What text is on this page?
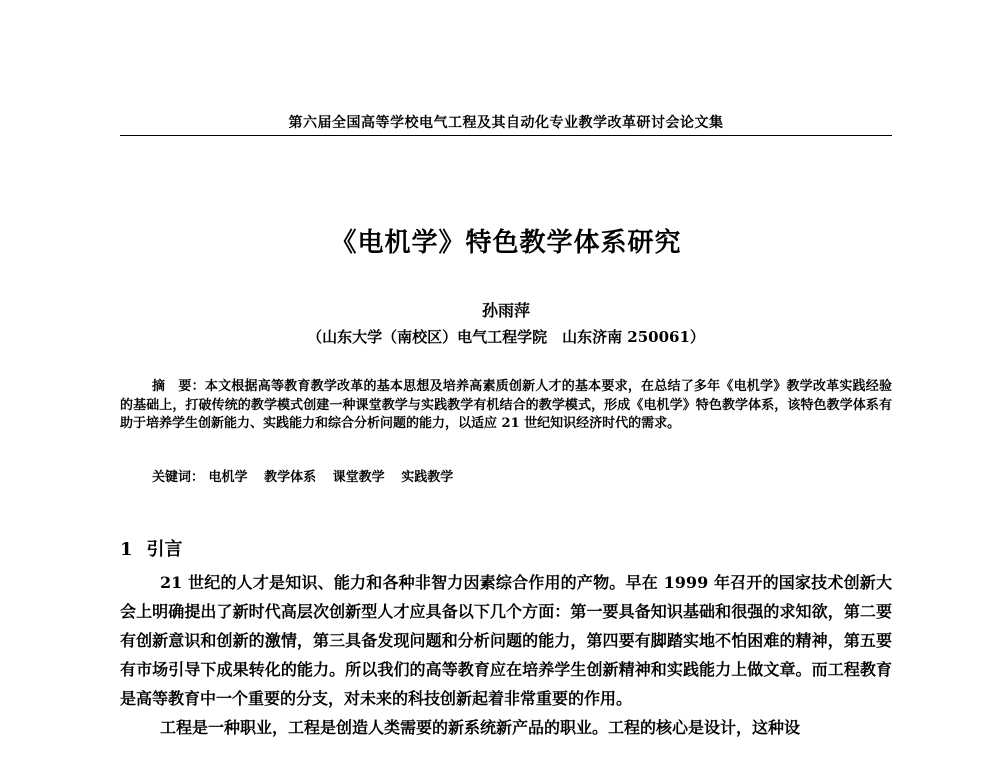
第六届全国高等学校电气工程及其自动化专业教学改革研讨会论文集
《电机学》特色教学体系研究
孙雨萍
（山东大学（南校区）电气工程学院　山东济南 250061）
摘　要：本文根据高等教育教学改革的基本思想及培养高素质创新人才的基本要求，在总结了多年《电机学》教学改革实践经验的基础上，打破传统的教学模式创建一种课堂教学与实践教学有机结合的教学模式，形成《电机学》特色教学体系，该特色教学体系有助于培养学生创新能力、实践能力和综合分析问题的能力，以适应 21 世纪知识经济时代的需求。
关键词： 电机学 教学体系 课堂教学 实践教学
1 引言

21 世纪的人才是知识、能力和各种非智力因素综合作用的产物。早在 1999 年召开的国家技术创新大会上明确提出了新时代高层次创新型人才应具备以下几个方面：第一要具备知识基础和很强的求知欲，第二要有创新意识和创新的激情，第三具备发现问题和分析问题的能力，第四要有脚踏实地不怕困难的精神，第五要有市场引导下成果转化的能力。所以我们的高等教育应在培养学生创新精神和实践能力上做文章。而工程教育是高等教育中一个重要的分支，对未来的科技创新起着非常重要的作用。

工程是一种职业，工程是创造人类需要的新系统新产品的职业。工程的核心是设计，这种设
